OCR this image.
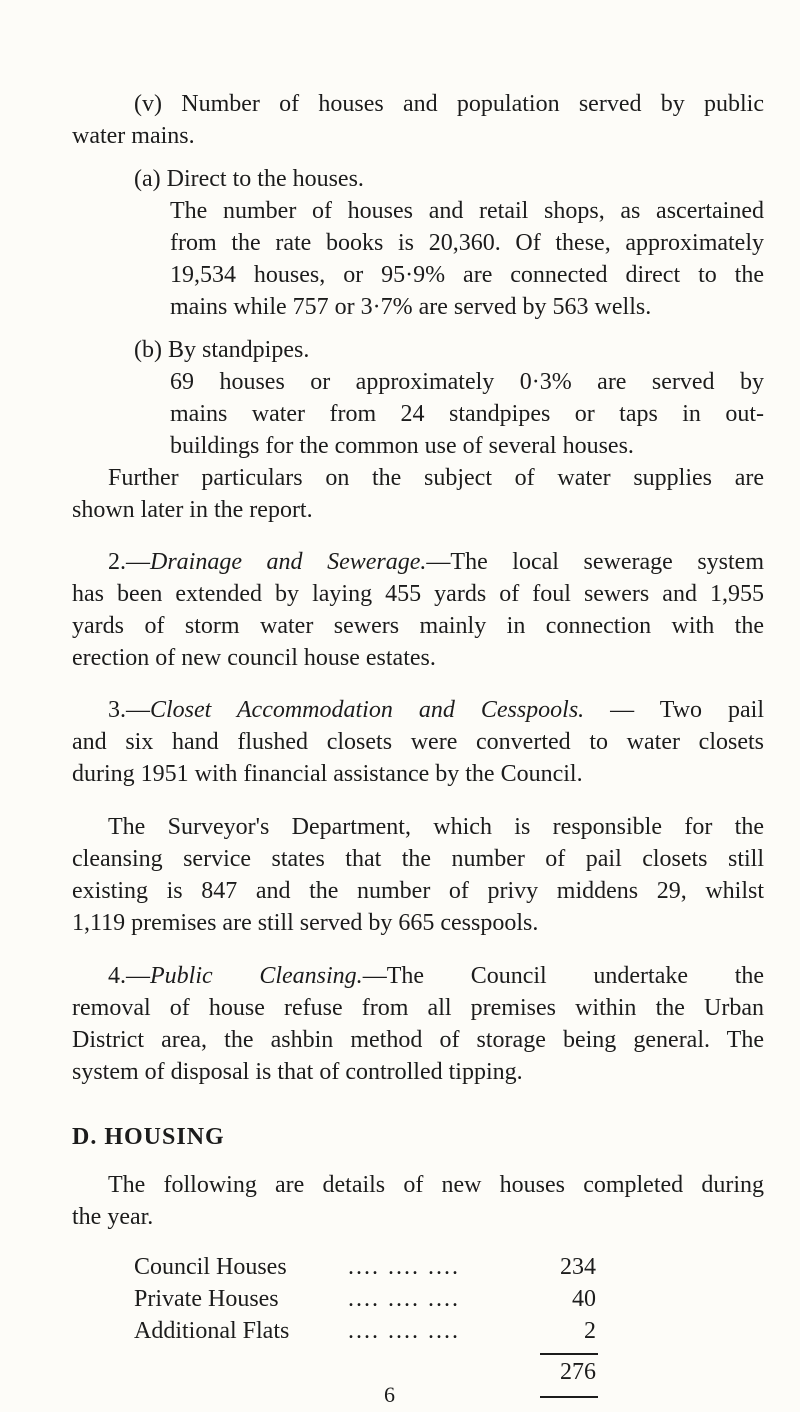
(v) Number of houses and population served by public
water mains.
(a) Direct to the houses.
The number of houses and retail shops, as ascertained
from the rate books is 20,360. Of these, approximately
19,534 houses, or 95·9% are connected direct to the
mains while 757 or 3·7% are served by 563 wells.
(b) By standpipes.
69 houses or approximately 0·3% are served by
mains water from 24 standpipes or taps in out-
buildings for the common use of several houses.
Further particulars on the subject of water supplies are
shown later in the report.
2.—Drainage and Sewerage.—The local sewerage system
has been extended by laying 455 yards of foul sewers and 1,955
yards of storm water sewers mainly in connection with the
erection of new council house estates.
3.—Closet Accommodation and Cesspools. — Two pail
and six hand flushed closets were converted to water closets
during 1951 with financial assistance by the Council.
The Surveyor's Department, which is responsible for the
cleansing service states that the number of pail closets still
existing is 847 and the number of privy middens 29, whilst
1,119 premises are still served by 665 cesspools.
4.—Public Cleansing.—The Council undertake the
removal of house refuse from all premises within the Urban
District area, the ashbin method of storage being general. The
system of disposal is that of controlled tipping.
D. HOUSING
The following are details of new houses completed during
the year.
Council Houses	.... .... ....	234
Private Houses	.... .... ....	40
Additional Flats .... .... ....	2
276
6
